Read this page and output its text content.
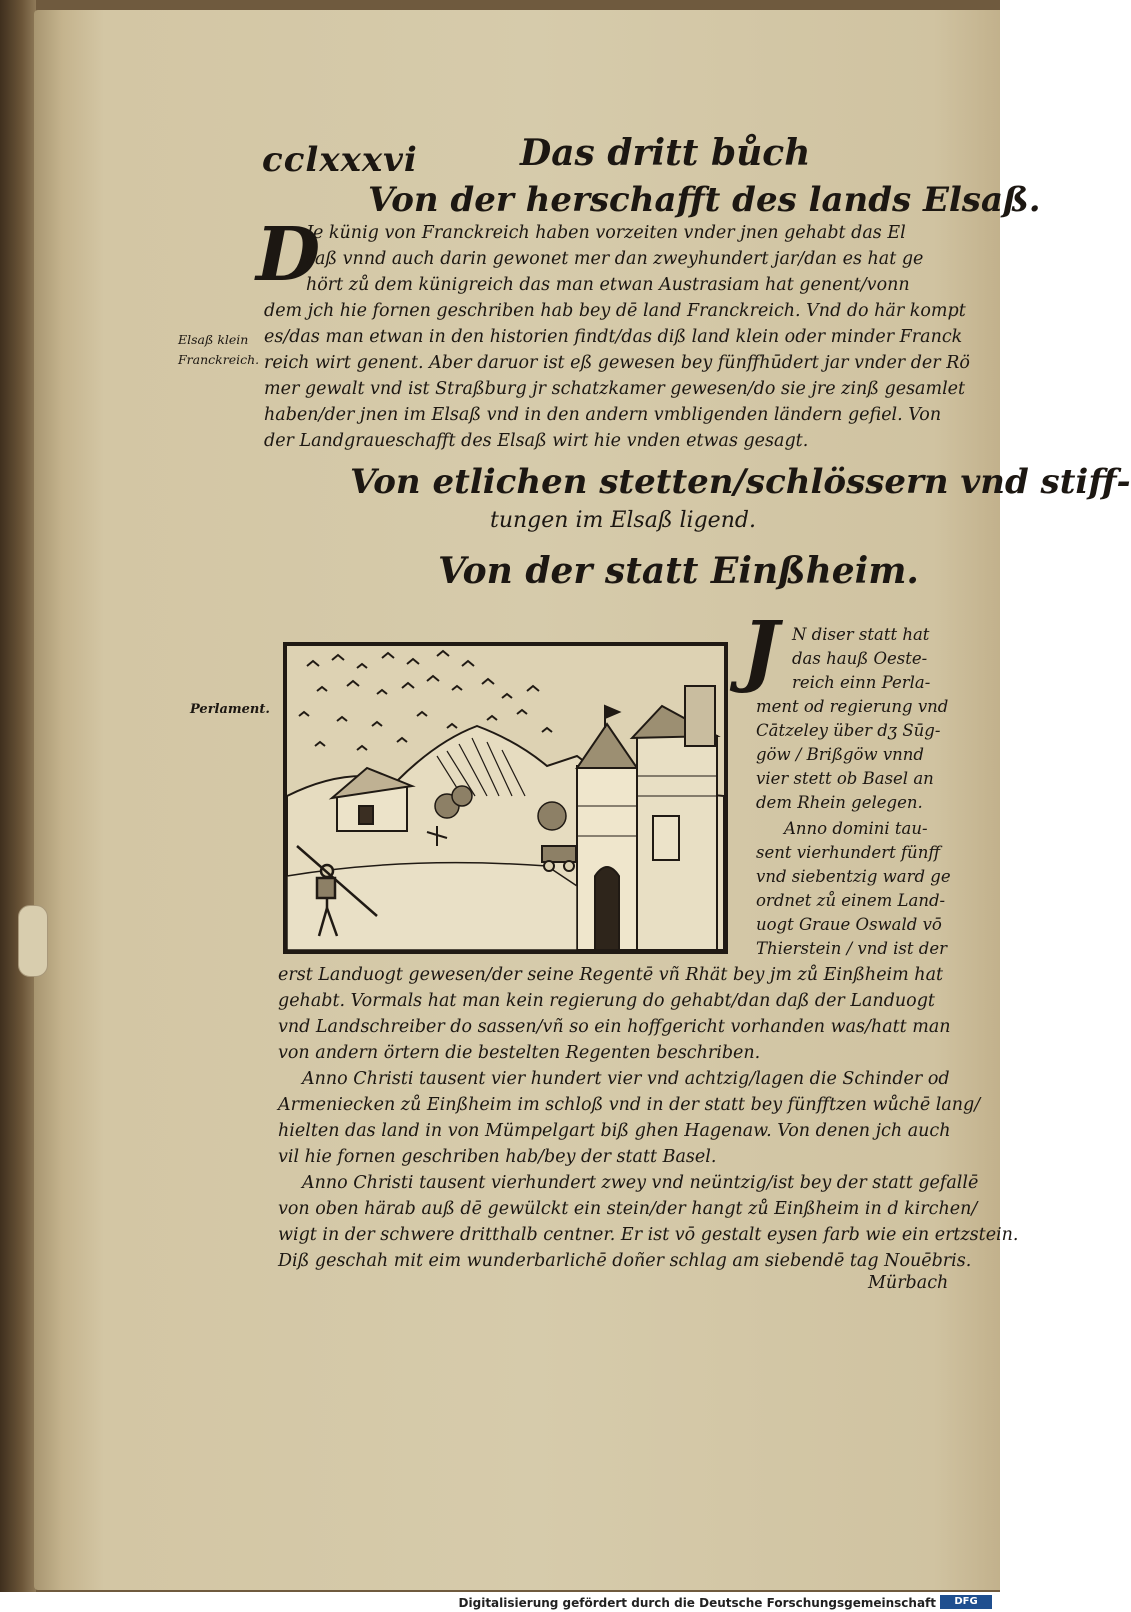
cclxxxvi	Das dritt bůch
Von der herschafft des lands Elsaß.
D
Je künig von Franckreich haben vorzeiten vnder jnen gehabt das El
saß vnnd auch darin gewonet mer dan zweyhundert jar/dan es hat ge
hört zů dem künigreich das man etwan Austrasiam hat genent/vonn
dem jch hie fornen geschriben hab bey dē land Franckreich. Vnd do här kompt
es/das man etwan in den historien findt/das diß land klein oder minder Franck
reich wirt genent. Aber daruor ist eß gewesen bey fünffhūdert jar vnder der Rö
mer gewalt vnd ist Straßburg jr schatzkamer gewesen/do sie jre zinß gesamlet
haben/der jnen im Elsaß vnd in den andern vmbligenden ländern gefiel. Von
der Landgraueschafft des Elsaß wirt hie vnden etwas gesagt.
Elsaß klein
Franckreich.
Von etlichen stetten/schlössern vnd stiff-
tungen im Elsaß ligend.
Von der statt Einßheim.
Perlament.
J N diser statt hat
das hauß Oeste-
reich einn Perla-
ment od regierung vnd
Cātzeley über dʒ Sūg-
göw / Brißgöw vnnd
vier stett ob Basel an
dem Rhein gelegen.
Anno domini tau-
sent vierhundert fünff
vnd siebentzig ward ge
ordnet zů einem Land-
uogt Graue Oswald vō
Thierstein / vnd ist der
erst Landuogt gewesen/der seine Regentē vñ Rhät bey jm zů Einßheim hat
gehabt. Vormals hat man kein regierung do gehabt/dan daß der Landuogt
vnd Landschreiber do sassen/vñ so ein hoffgericht vorhanden was/hatt man
von andern örtern die bestelten Regenten beschriben.
Anno Christi tausent vier hundert vier vnd achtzig/lagen die Schinder od
Armeniecken zů Einßheim im schloß vnd in der statt bey fünfftzen wůchē lang/
hielten das land in von Mümpelgart biß ghen Hagenaw. Von denen jch auch
vil hie fornen geschriben hab/bey der statt Basel.
Anno Christi tausent vierhundert zwey vnd neüntzig/ist bey der statt gefallē
von oben härab auß dē gewülckt ein stein/der hangt zů Einßheim in d kirchen/
wigt in der schwere dritthalb centner. Er ist vō gestalt eysen farb wie ein ertzstein.
Diß geschah mit eim wunderbarlichē doñer schlag am siebendē tag Nouēbris.
Mürbach
Digitalisierung gefördert durch die Deutsche Forschungsgemeinschaft	DFG
